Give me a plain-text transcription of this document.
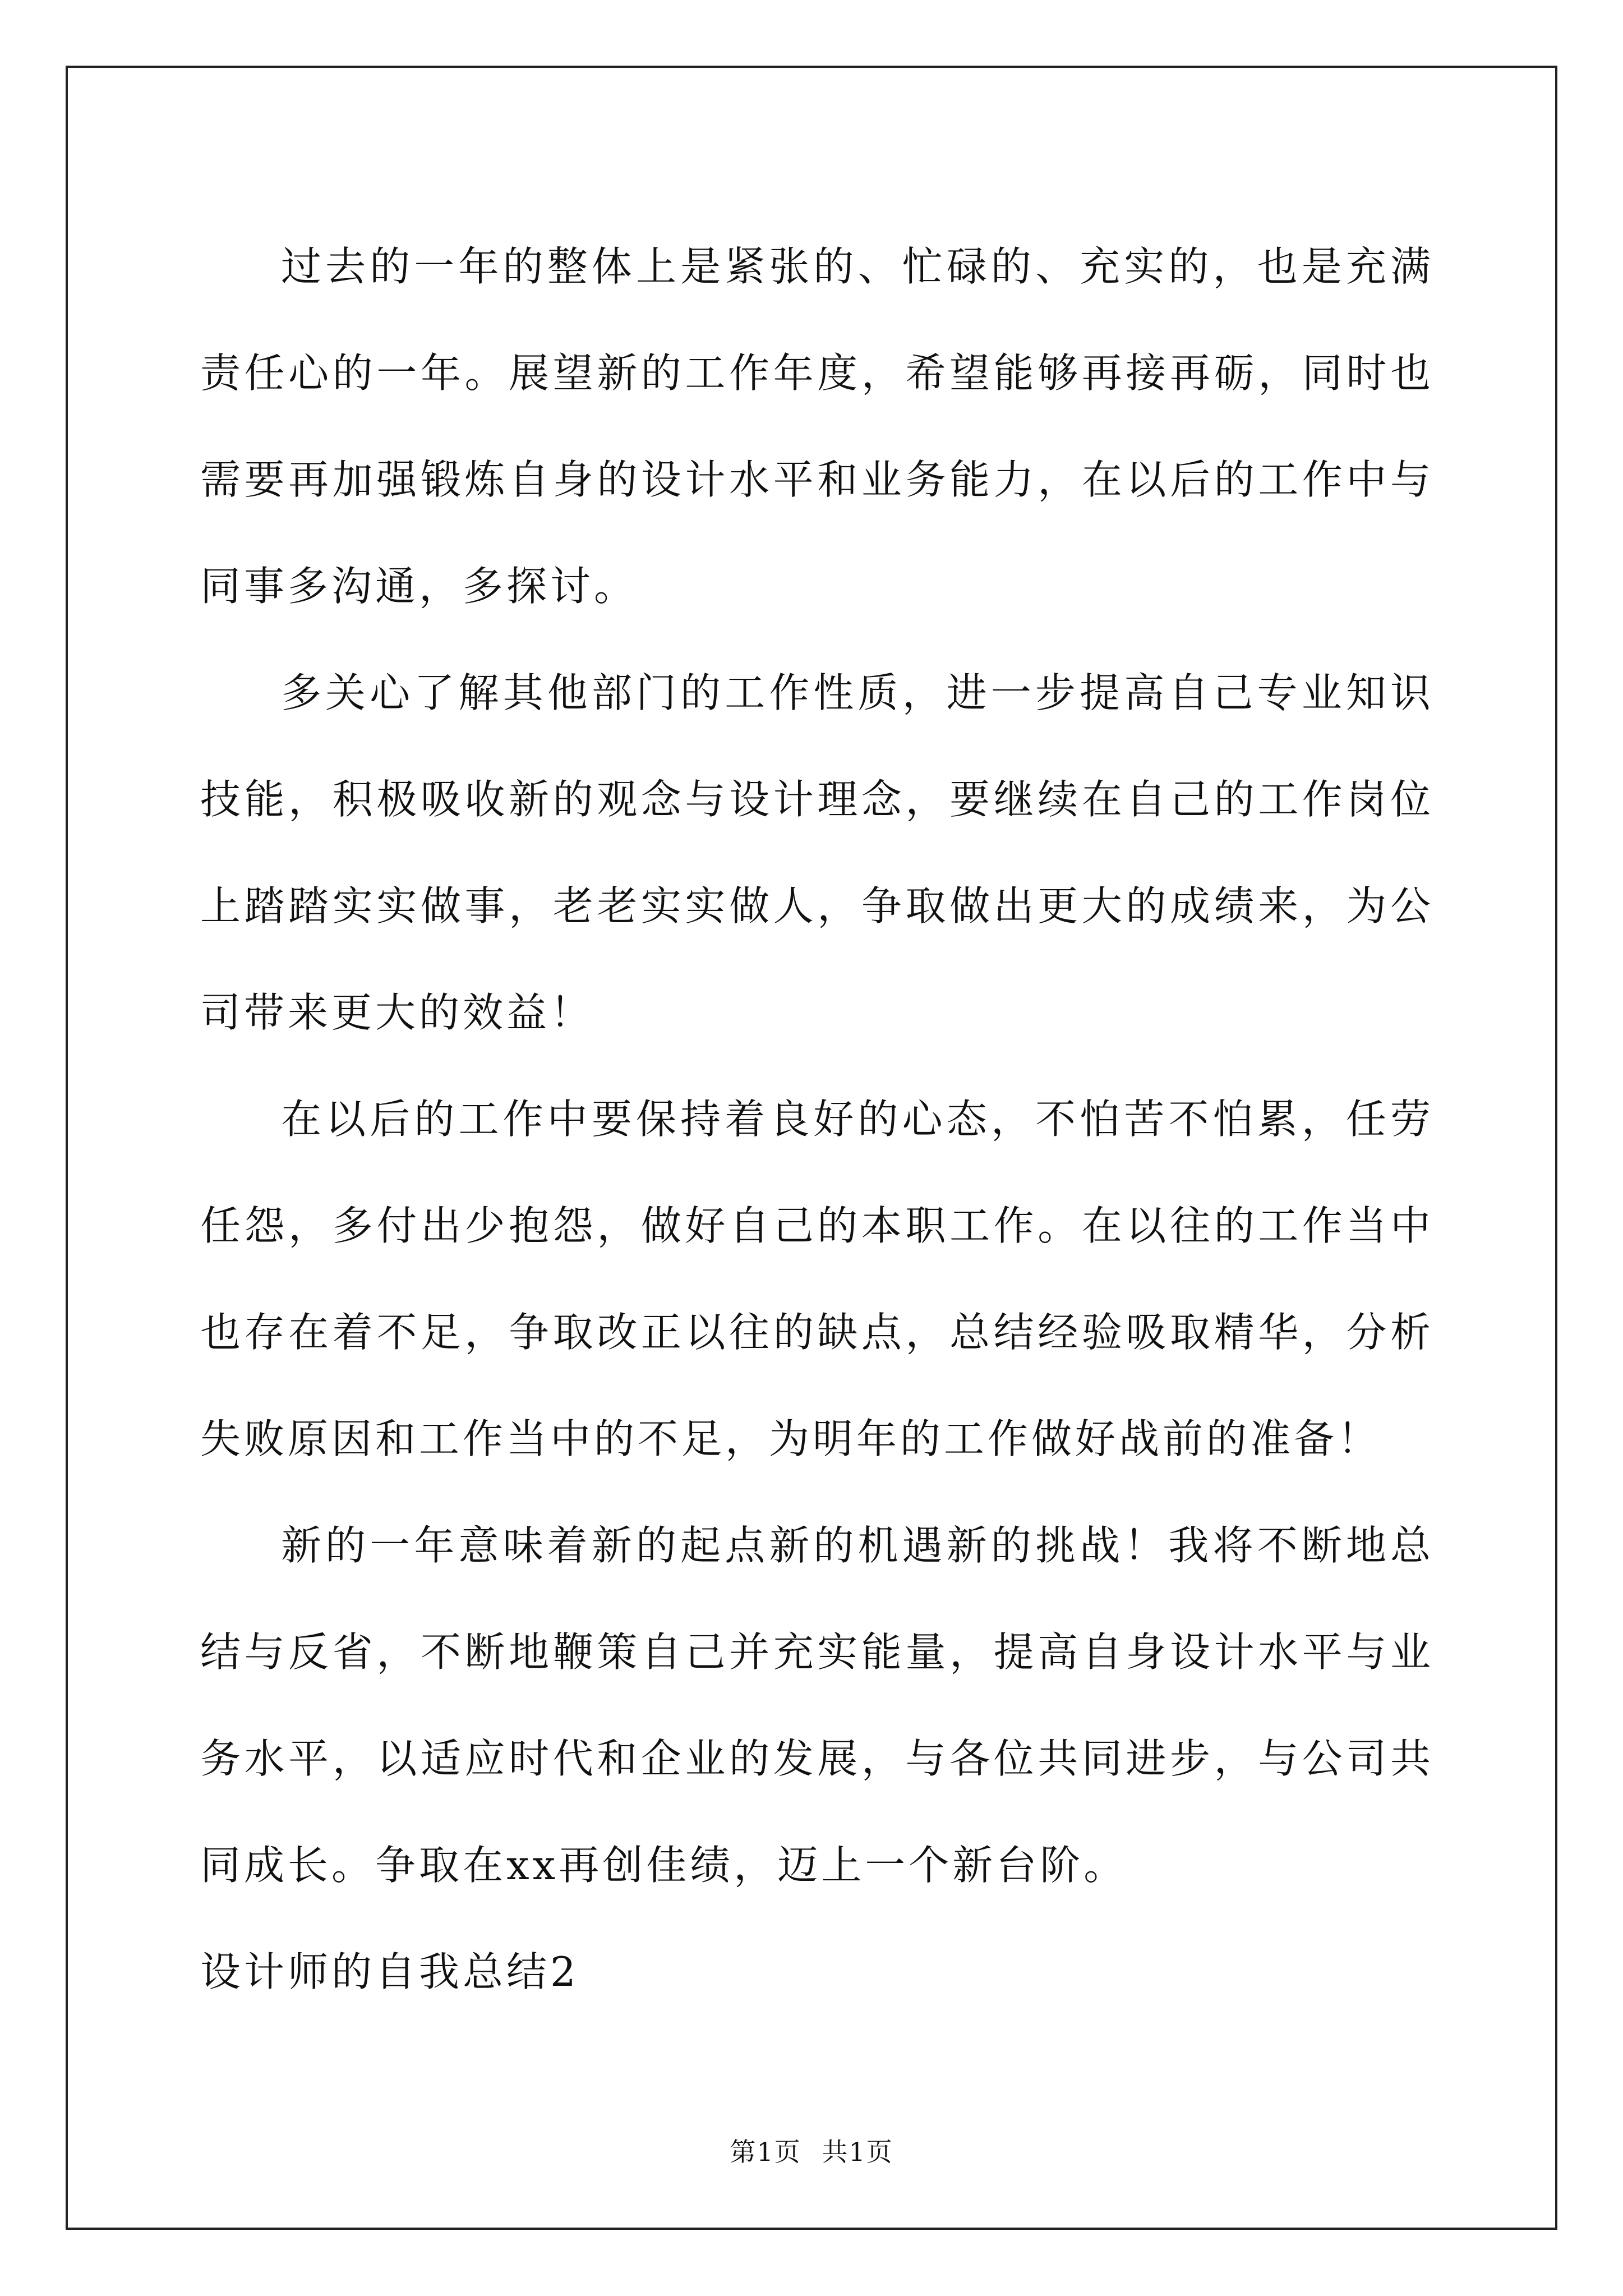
过去的一年的整体上是紧张的、忙碌的、充实的，也是充满责任心的一年。展望新的工作年度，希望能够再接再砺，同时也需要再加强锻炼自身的设计水平和业务能力，在以后的工作中与同事多沟通，多探讨。

多关心了解其他部门的工作性质，进一步提高自己专业知识技能，积极吸收新的观念与设计理念，要继续在自己的工作岗位上踏踏实实做事，老老实实做人，争取做出更大的成绩来，为公司带来更大的效益！

在以后的工作中要保持着良好的心态，不怕苦不怕累，任劳任怨，多付出少抱怨，做好自己的本职工作。在以往的工作当中也存在着不足，争取改正以往的缺点，总结经验吸取精华，分析失败原因和工作当中的不足，为明年的工作做好战前的准备！

新的一年意味着新的起点新的机遇新的挑战！我将不断地总结与反省，不断地鞭策自己并充实能量，提高自身设计水平与业务水平，以适应时代和企业的发展，与各位共同进步，与公司共同成长。争取在xx再创佳绩，迈上一个新台阶。

设计师的自我总结2

第1页 共1页
